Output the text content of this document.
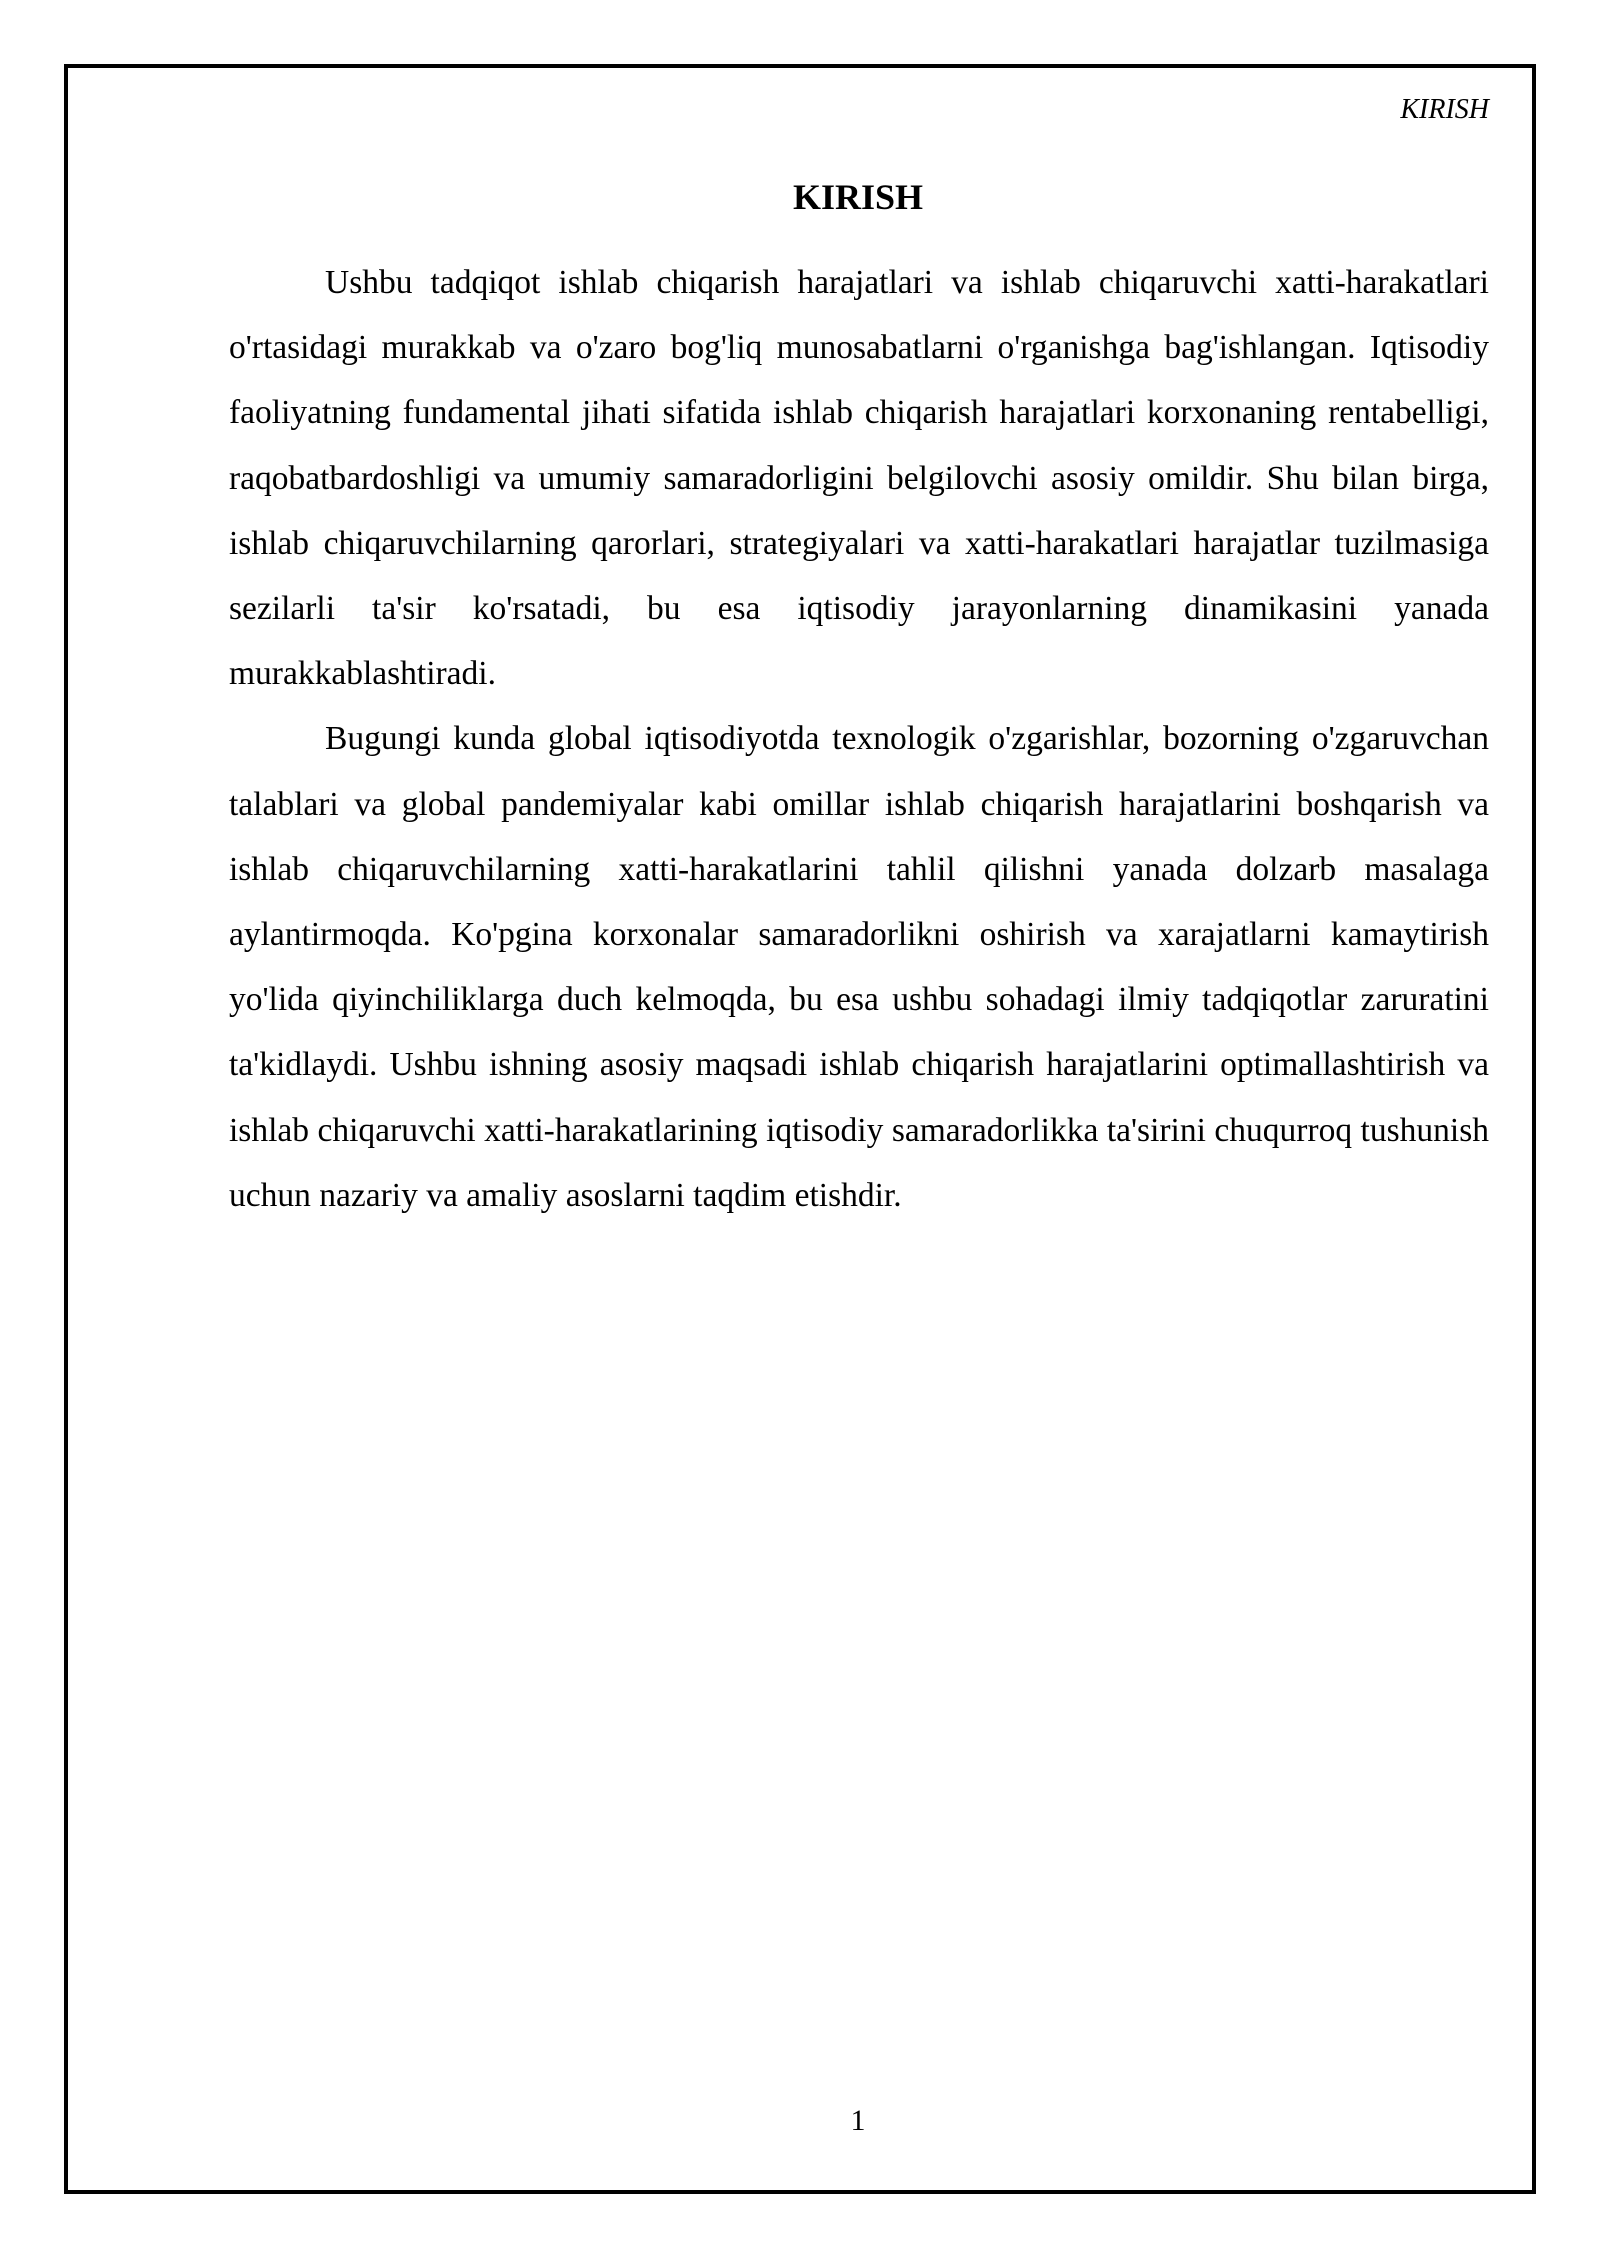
KIRISH
KIRISH

Ushbu tadqiqot ishlab chiqarish harajatlari va ishlab chiqaruvchi xatti-harakatlari o'rtasidagi murakkab va o'zaro bog'liq munosabatlarni o'rganishga bag'ishlangan. Iqtisodiy faoliyatning fundamental jihati sifatida ishlab chiqarish harajatlari korxonaning rentabelligi, raqobatbardoshligi va umumiy samaradorligini belgilovchi asosiy omildir. Shu bilan birga, ishlab chiqaruvchilarning qarorlari, strategiyalari va xatti-harakatlari harajatlar tuzilmasiga sezilarli ta'sir ko'rsatadi, bu esa iqtisodiy jarayonlarning dinamikasini yanada murakkablashtiradi.

Bugungi kunda global iqtisodiyotda texnologik o'zgarishlar, bozorning o'zgaruvchan talablari va global pandemiyalar kabi omillar ishlab chiqarish harajatlarini boshqarish va ishlab chiqaruvchilarning xatti-harakatlarini tahlil qilishni yanada dolzarb masalaga aylantirmoqda. Ko'pgina korxonalar samaradorlikni oshirish va xarajatlarni kamaytirish yo'lida qiyinchiliklarga duch kelmoqda, bu esa ushbu sohadagi ilmiy tadqiqotlar zaruratini ta'kidlaydi. Ushbu ishning asosiy maqsadi ishlab chiqarish harajatlarini optimallashtirish va ishlab chiqaruvchi xatti-harakatlarining iqtisodiy samaradorlikka ta'sirini chuqurroq tushunish uchun nazariy va amaliy asoslarni taqdim etishdir.

1
